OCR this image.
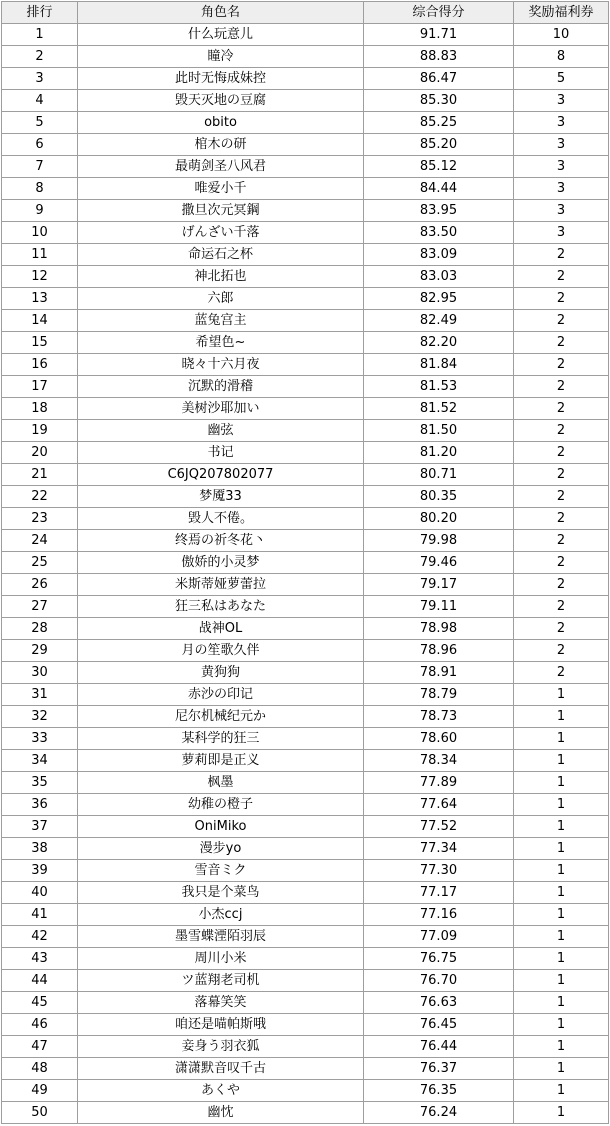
排行	角色名	综合得分	奖励福利券
1	什么玩意儿	91.71	10
2	瞳冷	88.83	8
3	此时无悔成妹控	86.47	5
4	毁天灭地の豆腐	85.30	3
5	obito	85.25	3
6	棺木の研	85.20	3
7	最萌剑圣八风君	85.12	3
8	唯爱小千	84.44	3
9	撒旦次元冥鋼	83.95	3
10	げんざい千落	83.50	3
11	命运石之杯	83.09	2
12	神北拓也	83.03	2
13	六郎	82.95	2
14	蓝兔宫主	82.49	2
15	希望色~	82.20	2
16	晓々十六月夜	81.84	2
17	沉默的滑稽	81.53	2
18	美树沙耶加い	81.52	2
19	幽弦	81.50	2
20	书记	81.20	2
21	C6JQ207802077	80.71	2
22	梦魇33	80.35	2
23	毁人不倦。	80.20	2
24	终焉の祈冬花丶	79.98	2
25	傲娇的小灵梦	79.46	2
26	米斯蒂娅萝蕾拉	79.17	2
27	狂三私はあなた	79.11	2
28	战神OL	78.98	2
29	月の笙歌久伴	78.96	2
30	黄狗狗	78.91	2
31	赤沙の印记	78.79	1
32	尼尔机械纪元か	78.73	1
33	某科学的狂三	78.60	1
34	萝莉即是正义	78.34	1
35	枫墨	77.89	1
36	幼稚の橙子	77.64	1
37	OniMiko	77.52	1
38	漫步yo	77.34	1
39	雪音ミク	77.30	1
40	我只是个菜鸟	77.17	1
41	小杰ccj	77.16	1
42	墨雪蝶湮陌羽辰	77.09	1
43	周川小米	76.75	1
44	ツ蓝翔老司机	76.70	1
45	落幕笑笑	76.63	1
46	咱还是喵帕斯哦	76.45	1
47	妾身う羽衣狐	76.44	1
48	潇潇默音叹千古	76.37	1
49	あくや	76.35	1
50	幽忱	76.24	1
